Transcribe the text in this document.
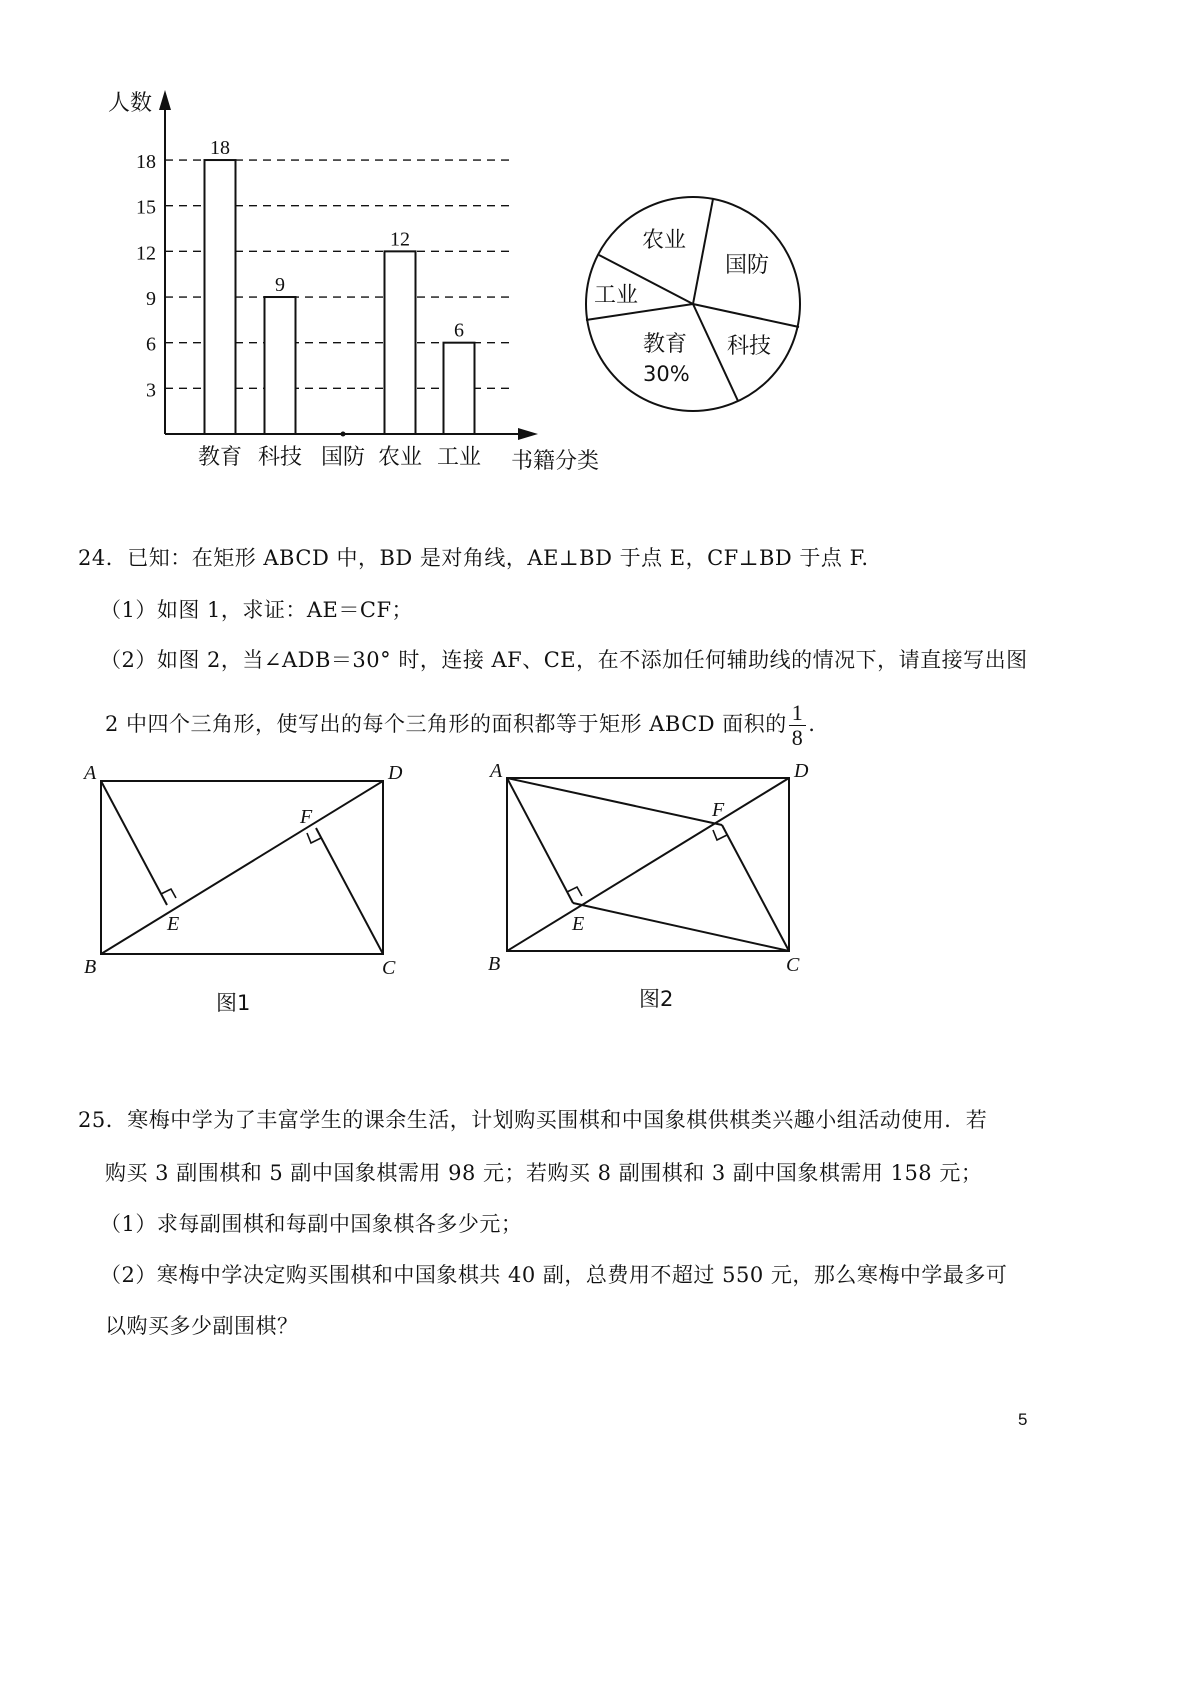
人数
书籍分类
3
6
9
12
15
18
18
教育
9
科技 国防
12
农业
6
工业
农业
国防
科技
教育
30%
工业
24．已知：在矩形 ABCD 中，BD 是对角线，AE⊥BD 于点 E，CF⊥BD 于点 F.
（1）如图 1，求证：AE＝CF；
（2）如图 2，当∠ADB＝30° 时，连接 AF、CE，在不添加任何辅助线的情况下，请直接写出图
2 中四个三角形，使写出的每个三角形的面积都等于矩形 ABCD 面积的 $\frac{1}{8}$ .
A	D
B	C
E
F
图1
A	D
B	C
E
F
图2
25．寒梅中学为了丰富学生的课余生活，计划购买围棋和中国象棋供棋类兴趣小组活动使用．若
购买 3 副围棋和 5 副中国象棋需用 98 元；若购买 8 副围棋和 3 副中国象棋需用 158 元；
（1）求每副围棋和每副中国象棋各多少元；
（2）寒梅中学决定购买围棋和中国象棋共 40 副，总费用不超过 550 元，那么寒梅中学最多可
以购买多少副围棋？
5
